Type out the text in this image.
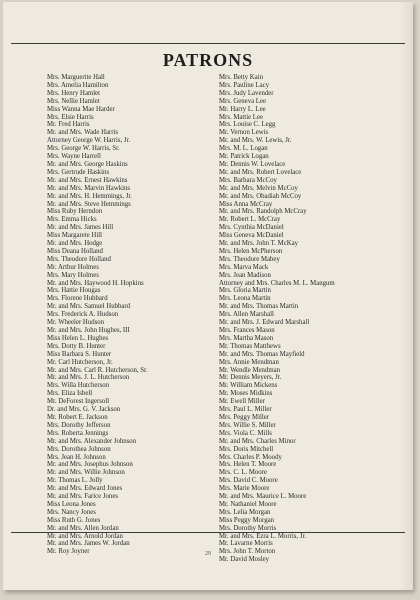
PATRONS
Mrs. Marguerite Hall
Mrs. Amelia Hamilton
Mrs. Henry Hamlet
Mrs. Nellie Hamlet
Miss Wanna Mae Harder
Mrs. Elsie Harris
Mr. Fred Harris
Mr. and Mrs. Wade Harris
Attorney George W. Harris, Jr.
Mrs. George W. Harris, Sr.
Mrs. Wayne Harrell
Mr. and Mrs. George Haskins
Mrs. Gertrude Haskins
Mr. and Mrs. Ernest Hawkins
Mr. and Mrs. Marvin Hawkins
Mr. and Mrs. H. Hemmings, Jr.
Mr. and Mrs. Steve Hemmings
Miss Ruby Herndon
Mrs. Emma Hicks
Mr. and Mrs. James Hill
Miss Margarete Hill
Mr. and Mrs. Hodge
Miss Deana Holland
Mrs. Theodore Holland
Mr. Arthur Holmes
Mrs. Mary Holmes
Mr. and Mrs. Haywood H. Hopkins
Mrs. Hattie Hougas
Mrs. Florene Hubbard
Mr. and Mrs. Samuel Hubbard
Mrs. Frederick A. Hudson
Mr. Wheeler Hudson
Mr. and Mrs. John Hughes, III
Miss Helen L. Hughes
Mrs. Dotty B. Hunter
Miss Barbara S. Hunter
Mr. Carl Hutcherson, Jr.
Mr. and Mrs. Carl R. Hutcherson, Sr.
Mr. and Mrs. J. L. Hutcherson
Mrs. Willa Hutcherson
Mrs. Eliza Isbell
Mr. DeForest Ingersoll
Dr. and Mrs. G. V. Jackson
Mr. Robert E. Jackson
Mrs. Dorothy Jefferson
Mrs. Roberta Jennings
Mr. and Mrs. Alexander Johnson
Mrs. Dorothea Johnson
Mrs. Jean H. Johnson
Mr. and Mrs. Josephus Johnson
Mr. and Mrs. Willie Johnson
Mr. Thomas L. Jolly
Mr. and Mrs. Edward Jones
Mr. and Mrs. Farice Jones
Miss Leona Jones
Mrs. Nancy Jones
Miss Ruth G. Jones
Mr. and Mrs. Allen Jordan
Mr. and Mrs. Arnold Jordan
Mr. and Mrs. James W. Jordan
Mr. Roy Joyner
Mrs. Betty Kain
Mrs. Pauline Lacy
Mrs. Judy Lavender
Mrs. Geneva Lee
Mr. Harry L. Lee
Mrs. Mattie Lee
Mrs. Louise C. Legg
Mr. Vernon Lewis
Mr. and Mrs. W. Lewis, Jr.
Mrs. M. L. Logan
Mr. Patrick Logan
Mr. Dennis W. Lovelace
Mr. and Mrs. Robert Lovelace
Mrs. Barbara McCoy
Mr. and Mrs. Melvin McCoy
Mr. and Mrs. Obadiah McCoy
Miss Anna McCray
Mr. and Mrs. Randolph McCray
Mr. Robert L. McCray
Mrs. Cynthia McDaniel
Miss Geneva McDaniel
Mr. and Mrs. John T. McKay
Mrs. Helen McPherson
Mrs. Theodore Mabey
Mrs. Marva Mack
Mrs. Jean Madison
Attorney and Mrs. Charles M. L. Mangum
Mrs. Gloria Martin
Mrs. Leona Martin
Mr. and Mrs. Thomas Martin
Mrs. Allen Marshall
Mr. and Mrs. J. Edward Marshall
Mrs. Frances Mason
Mrs. Martha Mason
Mr. Thomas Matthews
Mr. and Mrs. Thomas Mayfield
Mrs. Annie Mendman
Mr. Wendle Mendman
Mr. Dennis Meyers, Jr.
Mr. William Mickens
Mr. Moses Midkins
Mr. Ewell Miller
Mrs. Paul L. Miller
Mrs. Peggy Miller
Mrs. Willie S. Miller
Mrs. Viola C. Mills
Mr. and Mrs. Charles Minor
Mrs. Doris Mitchell
Mrs. Charles P. Moody
Mrs. Helen T. Moore
Mrs. C. L. Moore
Mrs. David C. Moore
Mrs. Marie Moore
Mr. and Mrs. Maurice L. Moore
Mr. Nathaniel Moore
Mrs. Lelia Morgan
Miss Peggy Morgan
Mrs. Dorothy Morris
Mr. and Mrs. Ezra L. Morris, Jr.
Mr. Lavarne Morris
Mrs. John T. Morton
Mr. David Mosley
29
